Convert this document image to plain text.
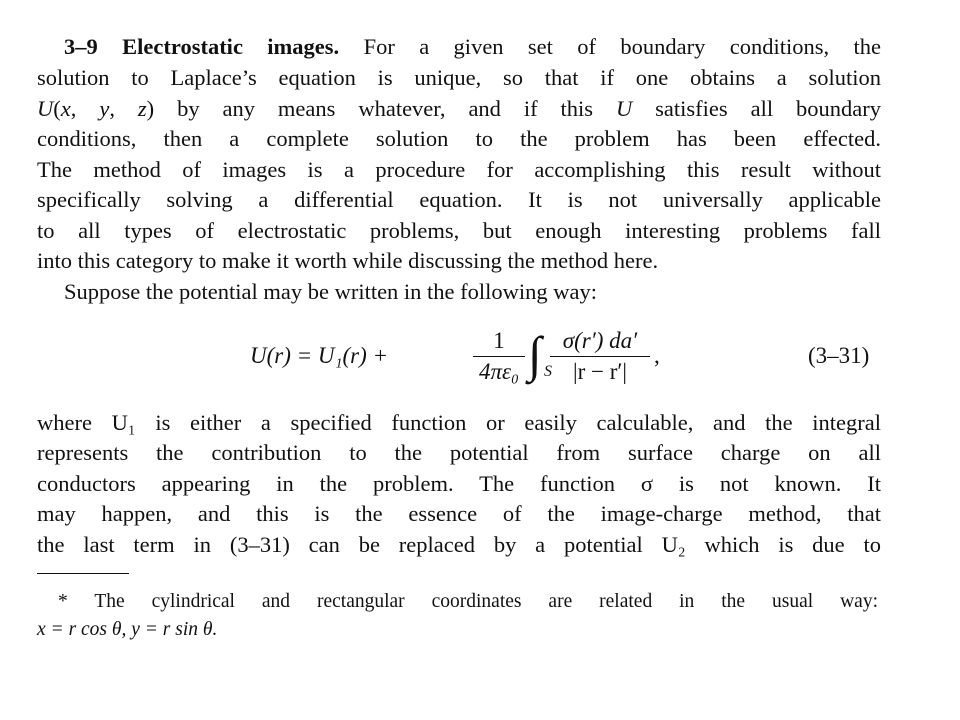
3–9 Electrostatic images. For a given set of boundary conditions, the
solution to Laplace’s equation is unique, so that if one obtains a solution
U(x, y, z) by any means whatever, and if this U satisfies all boundary
conditions, then a complete solution to the problem has been effected.
The method of images is a procedure for accomplishing this result without
specifically solving a differential equation. It is not universally applicable
to all types of electrostatic problems, but enough interesting problems fall
into this category to make it worth while discussing the method here.
Suppose the potential may be written in the following way:
U(r) = U₁(r) +
1
4πε₀ ∫ S
σ(r′) da′
|r − r′|
,	(3–31)
where U₁ is either a specified function or easily calculable, and the integral
represents the contribution to the potential from surface charge on all
conductors appearing in the problem. The function σ is not known. It
may happen, and this is the essence of the image-charge method, that
the last term in (3–31) can be replaced by a potential U₂ which is due to
* The cylindrical and rectangular coordinates are related in the usual way:
x = r cos θ, y = r sin θ.
